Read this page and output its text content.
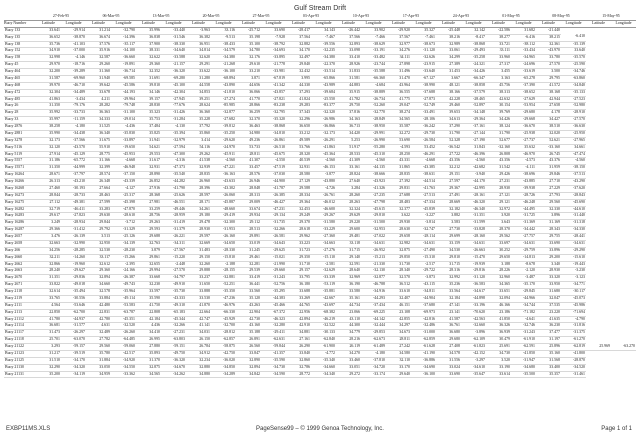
Gulf Stream Drift
	27-Feb-95		06-Mar-95		13-Mar-95		20-Mar-95		27-Mar-95		03-Apr-95		10-Apr-95		17-Apr-95		24-Apr-95		01-May-95		08-May-95		15-May-95	
Buoy Number	Latitude	Longitude	Latitude	Longitude	Latitude	Longitude	Latitude	Longitude	Latitude	Longitude	Latitude	Longitude	Latitude	Longitude	Latitude	Longitude	Latitude	Longitude	Latitude	Longitude	Latitude	Longitude	Latitude	Longitude
Buoy 133	33.641	-29.914	31.214	-32.790	35.996	-33.440	-3.963	33.116	-25.712	33.690	-28.417	34.143	-26.442	33.902	-29.920	35.327	-25.448	32.142	-22.586	31.682	-21.440			
Buoy 135	36.652	-38.870	36.674	-14.396	36.838	-31.546	36.382	-9.513	35.198	-7.928	37.564	-7.467	37.566	-7.466	37.567	-7.461	38.216	-8.417	38.277	-6.416	38.215	-6.410		
Buoy 138	35.736	-41.103	37.576	-35.117	37.900	-38.330	36.951	-38.433	35.100	-38.792	32.882	-39.556	32.893	-38.629	32.977	-38.673	32.989	-38.868	33.721	-38.112	32.361	-35.139		
Buoy 152	34.910	-37.000	35.916	-34.100	38.331	-34.640	34.814	-34.579	34.780	-34.693	34.170	-32.235	33.098	-33.191	34.276	-31.120	33.061	-29.493	33.111	-33.434	-43.970	33.640		
Buoy 158	32.998	-4.146	32.587	-36.660	32.622	-33.588	32.620	-34.380	32.176	-33.895	32.497	-34.380	33.410	-33.482	34.111	-32.626	34.299	-35.258	33.960	-34.965	33.780	-35.570		
Buoy 45	29.970	-18.716	29.260	-19.891	29.360	-21.157	29.291	-21.268	29.610	-21.778	29.840	-22.370	28.926	-23.744	27.898	-23.915	27.389	-24.321	27.317	-24.696	27.570	-25.590		
Buoy 464	32.200	-39.289	31.360	-36.714	32.352	-36.320	33.622	-36.100	33.210	-33.981	32.432	-33.514	31.833	-35.588	31.496	-33.640	31.453	-34.426	3.455	-33.619	3.500	-34.746		
Buoy 465	31.587	-69.960	31.940	-69.585	31.691	-69.280	31.280	-68.894	3.871	-67.819	3.995	-65.866	31.581	-66.360	31.470	-67.127	3.667	-66.347	3.163	-65.278	29.795	-63.860		
Buoy 468	39.970	-46.710	39.642	-45.586	39.810	-45.100	44.558	-43.890	44.656	-41.342	44.330	-43.989	44.883	-4.684	43.964	-38.990	48.121	-38.858	45.756	-37.390	41.572	-34.840		
Buoy 472	32.304	-34.489	33.678	-44.193	34.146	-42.304	34.853	-41.810	36.066	-43.857	37.293	-39.684	35.915	-38.889	36.555	-37.688	38.166	-37.579	38.313	-38.652	38.168	-35.133		
Buoy 485	41.863	-3.434	4.211	-29.964	39.157	-27.945	39.251	-27.274	41.770	-27.821	41.824	-25.550	41.782	-26.734	41.775	-27.873	42.228	-28.465	42.632	-27.629	42.944	-27.523		
Buoy 26	31.350	-79.176	28.282	-79.748	28.830	-77.676	28.624	-85.985	28.866	-83.238	29.283	-83.377	29.750	-52.260	29.047	-52.749	29.460	-52.897	30.154	-53.954	27.658	-52.980		
Buoy 28	35.992	-33.733	36.363	-31.100	35.323	-31.426	36.360	-32.877	36.259	-32.795	37.343	-32.320	37.816	-32.770	38.274	-33.491	39.653	-34.148	39.769	-29.680	4.178	-28.910		
Buoy 33	35.997	-11.159	34.333	-29.014	35.753	-31.284	35.228	-27.682	32.370	-35.320	32.296	-26.986	34.163	-28.849	34.565	-28.106	34.613	-29.364	34.426	-29.668	34.427	-27.570		
Buoy 2876	38.258	-4.180	31.525	-4.436	37.484	-4.130	37.792	-39.812	36.463	-38.868	36.650	-36.866	36.713	-38.950	35.587	-36.242	37.290	-37.161	38.124	-36.670	38.510	-36.630		
Buoy 2881	35.990	-34.438	36.340	-35.830	35.825	-35.394	35.860	-35.250	34.980	-34.810	33.212	-32.173	34.420	-29.991	32.272	-29.730	31.790	-27.144	31.790	-25.938	32.020	-25.950		
Buoy 3278	32.173	-37.566	31.675	-33.897	31.941	-32.979	3.414	-29.620	49.236	-26.861	49.589	-26.291	5.253	-26.990	53.690	-26.584	52.328	-27.190	52.677	-27.737	52.621	-27.965		
Buoy 5116	32.120	-43.570	55.910	-19.650	54.621	-27.594	54.116	-24.970	53.733	-26.510	53.766	-41.863	51.917	-55.280	-4.593	53.452	-36.542	31.843	-32.160	35.632	-33.160	34.661		
Buoy 5119	27.914	-45.129	28.775	-45.953	29.553	-47.300	29.262	-45.911	28.811	-45.675	28.320	-45.364	28.533	-45.310	28.250	-46.291	27.722	-46.396	26.808	-46.970	26.745	-47.474		
Buoy 5557	31.186	-65.772	31.166	-4.668	31.617	-4.316	41.538	-4.560	41.307	-4.550	40.539	-4.560	41.309	-4.560	43.331	-4.668	43.356	-4.560	43.356	-4.573	43.376	-4.560		
Buoy 15571	31.350	-44.999	32.399	-46.948	32.931	-47.373	32.939	-47.221	33.457	-47.519	32.931	-46.153	33.161	-44.135	31.865	-43.385	32.212	-42.682	31.542	-4.111	31.959	-38.150		
Buoy 16264	28.671	-37.797	28.574	-37.150	28.890	-35.540	28.835	-36.163	28.576	-37.030	28.580	-3.877	28.824	-38.666	28.835	-38.631	29.151	-3.940	29.426	-38.696	29.846	-37.513		
Buoy 16266	26.313	-43.210	26.348	-43.339	26.852	-44.282	26.960	-43.633	26.946	-44.900	27.129	-43.880	27.640	-43.923	27.392	-44.514	27.597	-44.170	27.231	-43.885	27.710	-43.290		
Buoy 16268	27.460	-30.193	27.664	-4.127	27.916	-41.790	28.396	-43.302	28.848	-41.787	29.588	-4.726	3.284	-41.326	29.831	-41.763	29.367	-42.995	28.930	-39.938	27.229	-37.620		
Buoy 16273	28.844	-28.733	28.463	-25.317	28.368	-25.626	28.597	-26.060	28.313	-26.385	28.334	-26.761	28.260	-27.235	27.688	-27.513	27.491	-28.161	27.121	-28.726	27.793	-28.843		
Buoy 16275	27.112	-49.381	27.599	-45.398	27.981	-46.551	28.171	-45.887	29.009	-46.427	29.364	-46.012	28.263	-47.798	28.483	-47.334	28.669	-46.320	29.121	-46.248	29.560	-45.690		
Buoy 16282	32.719	-46.411	33.283	-47.870	33.259	-49.446	34.261	-48.660	33.674	-47.231	32.453	-46.600	32.324	-45.615	32.377	-45.839	32.182	-46.340	32.972	-44.495	32.330	-44.610		
Buoy 16283	29.617	-27.823	29.630	-28.610	28.756	-28.959	29.180	-29.419	29.934	-29.134	29.249	-29.267	29.629	-29.810	3.622	-3.227	3.882	-31.351	3.920	-31.725	3.896	-31.440		
Buoy 16286	3.249	-28.934	29.844	-3.712	29.263	-31.419	29.478	-32.300	29.112	-31.735	29.370	-31.580	29.220	-31.500	29.930	-3.814	3.583	-31.599	3.643	-31.369	31.169	-31.318		
Buoy 16287	29.366	-31.412	29.792	-31.329	29.593	-31.379	28.930	-31.953	28.513	-32.266	28.618	-33.229	29.600	-32.953	28.630	-32.747	27.730	-33.828	28.370	-34.442	28.343	-34.330		
Buoy 2657	3.476	-26.139	3.513	-25.126	29.688	-26.221	29.597	-26.160	29.891	-26.581	29.962	-27.360	29.481	-27.022	29.658	-28.114	29.699	-28.160	29.562	-27.757	29.755	-28.441		
Buoy 2658	32.663	-32.990	32.950	-34.139	32.763	-34.311	32.669	-34.650	33.019	-34.643	33.223	-34.663	33.118	-34.631	32.982	-34.631	33.159	-34.631	33.697	-34.631	33.690	-34.631		
Buoy 266	34.256	-28.285	32.530	-28.230	3.879	-27.567	31.483	-28.330	31.245	-29.625	31.723	-27.276	31.715	-26.952	32.875	-27.490	34.530	-26.663	30.252	-29.759	33.896	-29.290		
Buoy 2660	32.211	-14.260	33.117	-15.266	29.861	-15.220	29.150	-15.810	29.461	-15.021	29.350	-15.110	29.140	-15.213	29.850	-15.310	29.810	-15.470	29.650	-14.813	29.200	-15.610		
Buoy 2662	32.866	-19.960	32.612	-2.395	32.655	-2.448	32.260	-2.188	32.281	-21.990	31.710	-2.581	32.591	-21.330	31.730	-2.517	31.715	-19.939	3.188	-8.678	3.340	-19.443		
Buoy 2663	28.240	-29.627	29.360	-24.166	29.994	-27.570	29.888	-28.155	29.539	-29.660	29.157	-32.629	28.640	-32.130	28.340	-29.722	28.316	-29.816	28.226	-2.120	28.930	-3.230		
Buoy 2670	31.351	-29.836	32.894	-26.387	33.668	-34.797	33.237	-32.881	33.419	-31.243	33.795	-33.339	32.969	-32.877	32.570	-3.873	32.992	-31.120	32.960	-3.487	33.320	-3.123		
Buoy 2671	33.822	-49.018	34.660	-49.743	32.230	-49.910	31.650	-52.251	36.441	-52.756	36.180	-53.119	36.190	-46.788	36.512	-43.115	35.236	-36.583	34.365	-35.170	33.950	-34.771		
Buoy 2118	32.614	-35.494	32.578	-35.964	33.597	-35.730	33.888	-35.350	33.560	-35.295	33.688	-35.881	33.580	-34.916	33.610	-34.811	33.564	-34.617	33.651	-29.845	31.680	-30.117		
Buoy 2119	33.765	-30.556	33.884	-49.114	35.590	-43.333	33.530	-47.236	35.120	-44.383	33.269	-42.667	35.161	-44.293	32.407	-44.904	32.184	-44.898	32.094	-44.966	32.047	-45.073		
Buoy 2111	4.564	-53.646	42.480	-53.583	41.750	-49.310	41.870	-46.976	43.263	-45.466	44.765	-43.697	44.734	-37.434	46.151	-37.680	47.141	-33.196	46.166	-34.744	37.535	-45.986		
Buoy 2113	22.850	-62.700	22.831	-63.787	22.808	-65.183	22.664	-66.330	22.904	-67.372	22.956	-68.382	23.066	-69.225	23.108	-69.973	23.141	-70.620	23.186	-71.182	23.220	-71.694		
Buoy 21112	41.780	-44.937	42.780	-45.351	42.184	-45.344	42.747	-45.929	42.730	-46.323	42.894	-46.219	43.110	-44.142	42.855	-42.816	41.587	-42.563	41.850	-4.641	41.635	-4.790		
Buoy 21114	36.681	-31.577	4.631	-32.520	4.436	-32.266	41.141	-32.700	43.160	-32.280	42.910	-32.522	44.300	-32.444	34.297	-32.486	36.761	-32.660	36.326	-32.746	36.230	-31.816		
Buoy 21117	31.473	-26.297	32.489	-26.260	34.410	-27.231	34.031	-28.812	35.188	-29.411	34.881	-30.133	34.779	-29.853	34.673	-31.000	36.680	-3.896	36.939	-31.243	37.477	-31.375		
Buoy 21118	25.701	-63.070	27.782	-64.485	26.995	-63.803	26.150	-62.857	26.891	-62.631	27.161	-62.840	28.216	-62.673	28.811	-62.859	29.680	-62.109	30.479	-61.910	31.197	-61.270		
Buoy 21122	3.293	-59.157	29.560	-59.060	27.880	-59.151	26.784	-58.875	26.560	-59.844	26.290	-61.900	26.119	-61.489	27.242	-61.628	27.408	-61.823	25.691	-62.591	25.896	-62.819	25.969	-63.270
Buoy 21123	31.217	-39.519	35.780	-42.517	35.893	-49.750	34.912	-42.750	33.847	-41.357	33.840	-4.772	34.270	-4.180	34.580	-41.190	34.578	-42.152	34.730	-41.850	35.160	-41.800		
Buoy 21125	31.510	-34.170	31.884	-34.920	31.370	-36.320	32.234	-36.020	32.890	-35.590	32.860	-35.340	33.460	-37.810	32.110	-36.886	31.556	-3.297	3.520	-31.947	31.568	-28.870		
Buoy 21130	32.290	-34.320	33.050	-34.550	32.875	-34.670	32.880	-34.850	32.894	-34.730	32.786	-34.660	33.051	-34.720	33.170	-34.690	33.024	-34.610	33.190	-34.680	33.400	-34.520		
Buoy 21131	35.200	-34.119	34.959	-33.362	34.565	-34.262	34.880	-34.289	34.842	-34.590	28.772	-34.340	29.272	-33.174	29.640	-36.100	33.690	-35.647	33.614	-35.500	35.357	-31.461		
EXBP11MS.XLS	PageSense99 – © 1999 Genoa Technology, Inc.	Page 1 of 1
